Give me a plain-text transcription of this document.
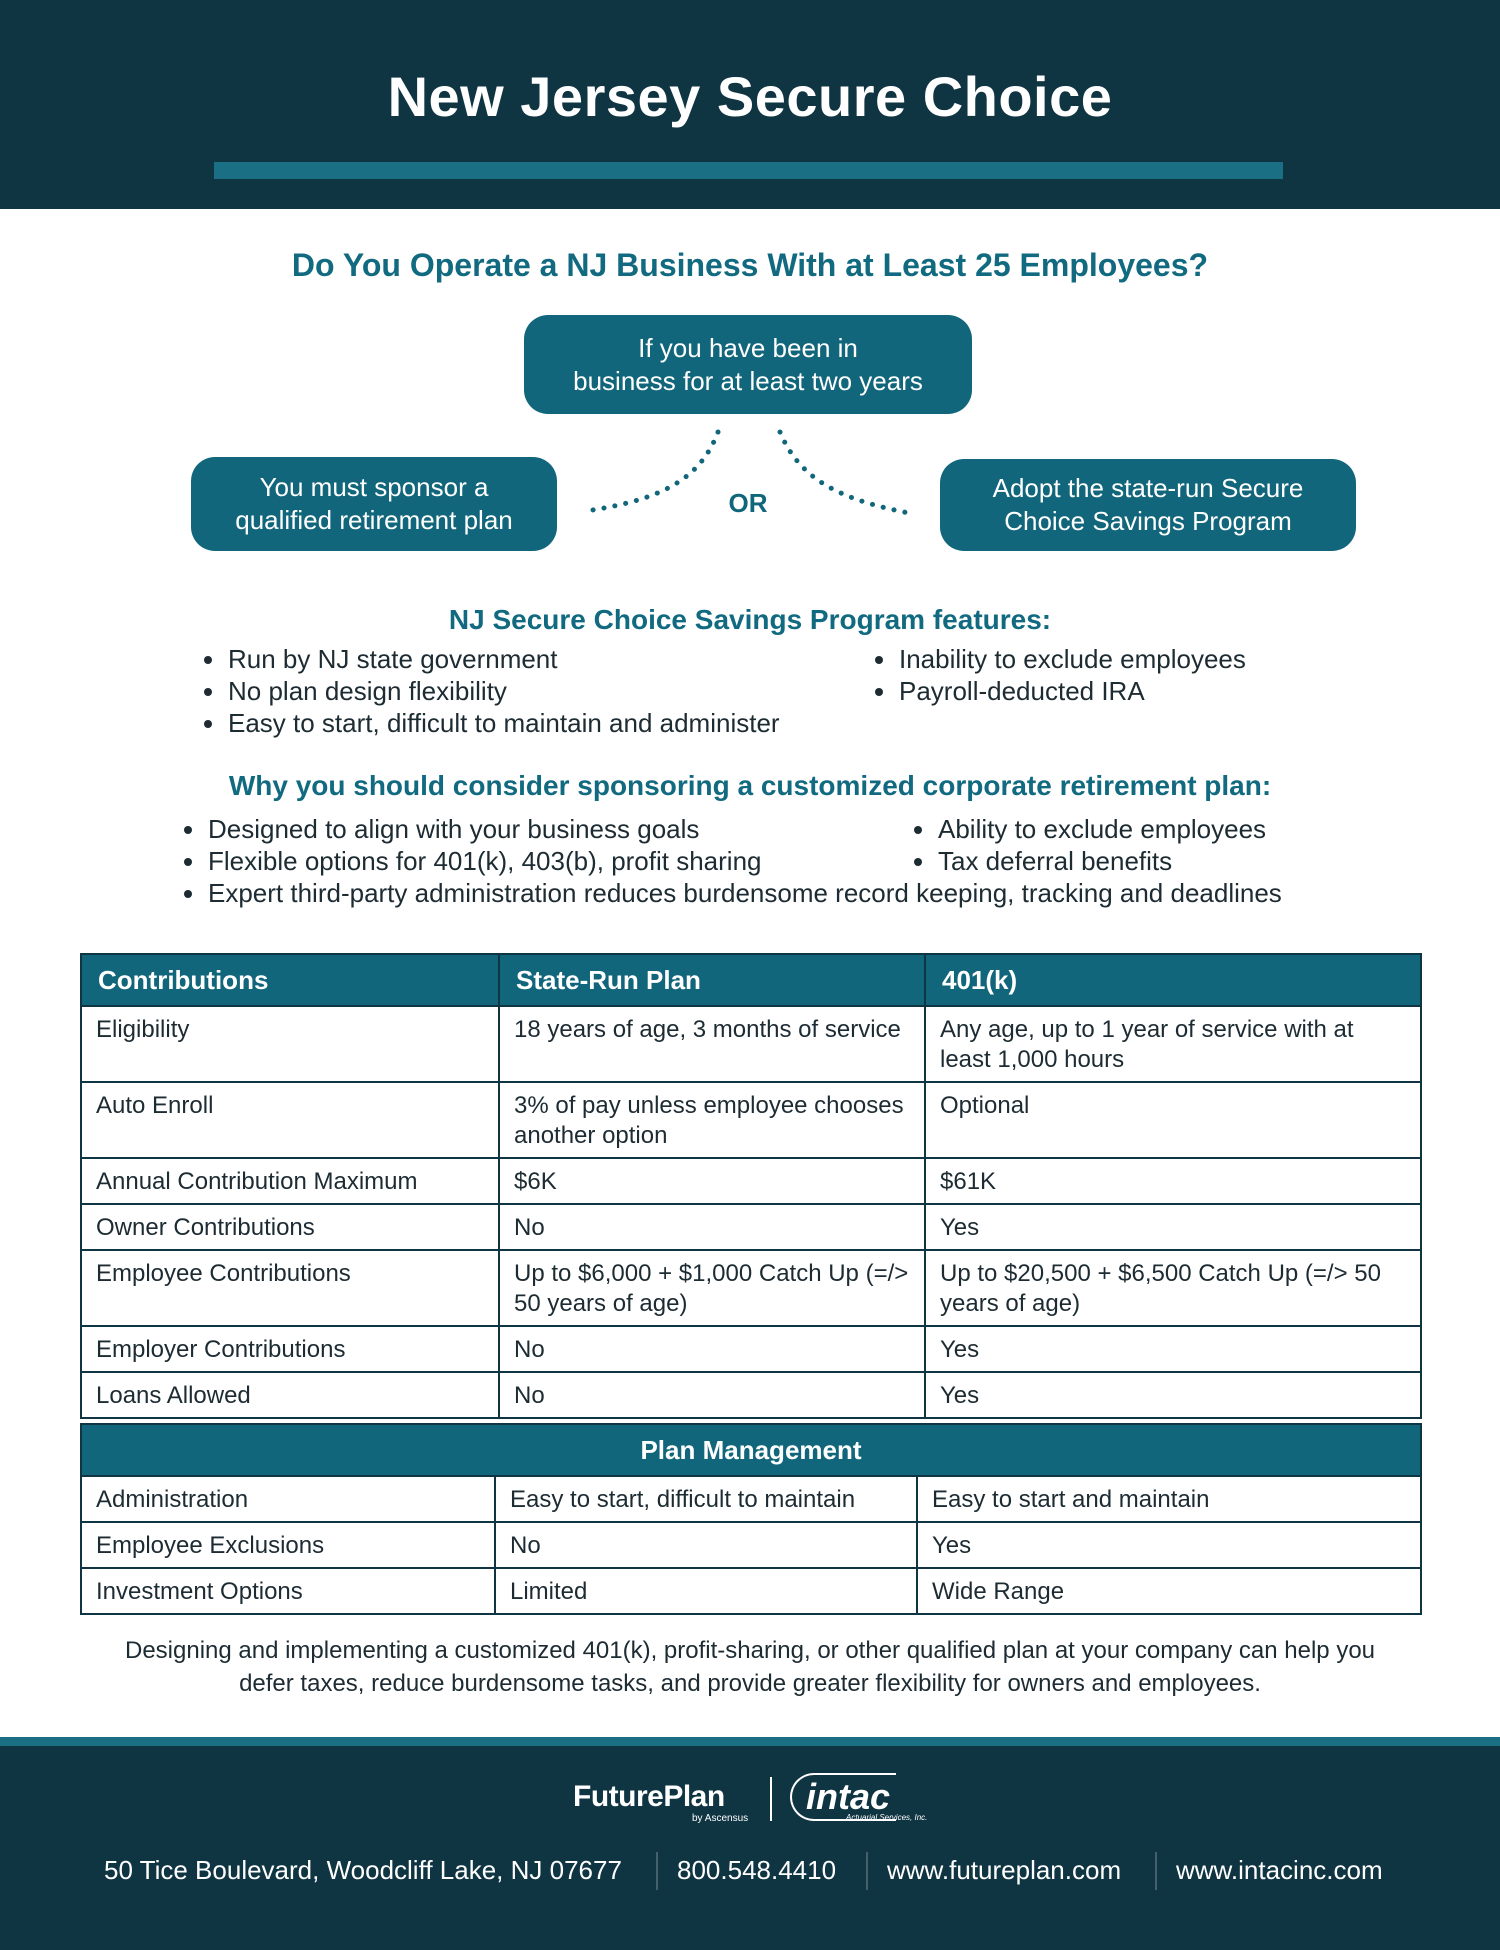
New Jersey Secure Choice
Do You Operate a NJ Business With at Least 25 Employees?
If you have been in
business for at least two years
You must sponsor a
qualified retirement plan
Adopt the state-run Secure
Choice Savings Program
OR
NJ Secure Choice Savings Program features:
Run by NJ state government
No plan design flexibility
Easy to start, difficult to maintain and administer
Inability to exclude employees
Payroll-deducted IRA
Why you should consider sponsoring a customized corporate retirement plan:
Designed to align with your business goals
Flexible options for 401(k), 403(b), profit sharing
Expert third-party administration reduces burdensome record keeping, tracking and deadlines
Ability to exclude employees
Tax deferral benefits
Contributions	State-Run Plan	401(k)
Eligibility	18 years of age, 3 months of service	Any age, up to 1 year of service with at least 1,000 hours
Auto Enroll	3% of pay unless employee chooses another option	Optional
Annual Contribution Maximum	$6K	$61K
Owner Contributions	No	Yes
Employee Contributions	Up to $6,000 + $1,000 Catch Up (=/> 50 years of age)	Up to $20,500 + $6,500 Catch Up (=/> 50 years of age)
Employer Contributions	No	Yes
Loans Allowed	No	Yes
Plan Management		
Administration	Easy to start, difficult to maintain	Easy to start and maintain
Employee Exclusions	No	Yes
Investment Options	Limited	Wide Range
Designing and implementing a customized 401(k), profit-sharing, or other qualified plan at your company can help you defer taxes, reduce burdensome tasks, and provide greater flexibility for owners and employees.
FuturePlan
by Ascensus
intac
Actuarial Services, Inc.
50 Tice Boulevard, Woodcliff Lake, NJ 07677 800.548.4410 www.futureplan.com www.intacinc.com
